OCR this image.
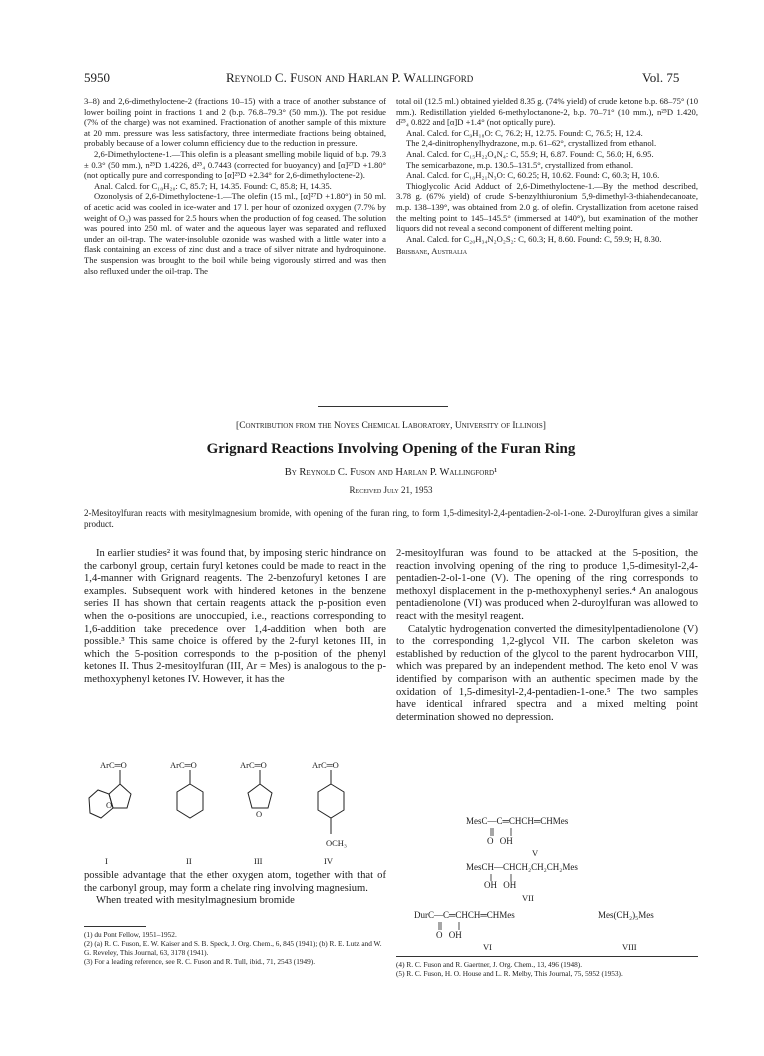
5950	Reynold C. Fuson and Harlan P. Wallingford	Vol. 75

3–8) and 2,6-dimethyloctene-2 (fractions 10–15) with a trace of another substance of lower boiling point in fractions 1 and 2 (b.p. 76.8–79.3° (50 mm.)). The pot residue (7% of the charge) was not examined. Fractionation of another sample of this mixture at 20 mm. pressure was less satisfactory, three intermediate fractions being obtained, probably because of a lower column efficiency due to the reduction in pressure.

2,6-Dimethyloctene-1.—This olefin is a pleasant smelling mobile liquid of b.p. 79.3 ± 0.3° (50 mm.), n²⁵D 1.4226, d²⁵₄ 0.7443 (corrected for buoyancy) and [α]²⁷D +1.80° (not optically pure and corresponding to [α]²⁵D +2.34° for 2,6-dimethyloctene-2).

Anal. Calcd. for C₁₀H₂₀: C, 85.7; H, 14.35. Found: C, 85.8; H, 14.35.

Ozonolysis of 2,6-Dimethyloctene-1.—The olefin (15 ml., [α]²⁷D +1.80°) in 50 ml. of acetic acid was cooled in ice-water and 17 l. per hour of ozonized oxygen (7.7% by weight of O₃) was passed for 2.5 hours when the production of fog ceased. The solution was poured into 250 ml. of water and the aqueous layer was separated and refluxed under an oil-trap. The water-insoluble ozonide was washed with a little water into a flask containing an excess of zinc dust and a trace of silver nitrate and hydroquinone. The suspension was brought to the boil while being vigorously stirred and was then also refluxed under the oil-trap. The

total oil (12.5 ml.) obtained yielded 8.35 g. (74% yield) of crude ketone b.p. 68–75° (10 mm.). Redistillation yielded 6-methyloctanone-2, b.p. 70–71° (10 mm.), n²⁵D 1.420, d²⁵₄ 0.822 and [α]D +1.4° (not optically pure).

Anal. Calcd. for C₉H₁₈O: C, 76.2; H, 12.75. Found: C, 76.5; H, 12.4.

The 2,4-dinitrophenylhydrazone, m.p. 61–62°, crystallized from ethanol.

Anal. Calcd. for C₁₅H₂₂O₄N₄: C, 55.9; H, 6.87. Found: C, 56.0; H, 6.95.

The semicarbazone, m.p. 130.5–131.5°, crystallized from ethanol.

Anal. Calcd. for C₁₀H₂₁N₃O: C, 60.25; H, 10.62. Found: C, 60.3; H, 10.6.

Thioglycolic Acid Adduct of 2,6-Dimethyloctene-1.—By the method described, 3.78 g. (67% yield) of crude S-benzylthiuronium 5,9-dimethyl-3-thiahendecanoate, m.p. 138–139°, was obtained from 2.0 g. of olefin. Crystallization from acetone raised the melting point to 145–145.5° (immersed at 140°), but examination of the mother liquors did not reveal a second component of different melting point.

Anal. Calcd. for C₂₀H₃₄N₂O₂S₂: C, 60.3; H, 8.60. Found: C, 59.9; H, 8.30.

Brisbane, Australia

[Contribution from the Noyes Chemical Laboratory, University of Illinois]
Grignard Reactions Involving Opening of the Furan Ring
By Reynold C. Fuson and Harlan P. Wallingford¹
Received July 21, 1953
2-Mesitoylfuran reacts with mesitylmagnesium bromide, with opening of the furan ring, to form 1,5-dimesityl-2,4-pentadien-2-ol-1-one. 2-Duroylfuran gives a similar product.

In earlier studies² it was found that, by imposing steric hindrance on the carbonyl group, certain furyl ketones could be made to react in the 1,4-manner with Grignard reagents. The 2-benzofuryl ketones I are examples. Subsequent work with hindered ketones in the benzene series II has shown that certain reagents attack the p-position even when the o-positions are unoccupied, i.e., reactions corresponding to 1,6-addition take precedence over 1,4-addition when both are possible.³ This same choice is offered by the 2-furyl ketones III, in which the 5-position corresponds to the p-position of the phenyl ketones II. Thus 2-mesitoylfuran (III, Ar = Mes) is analogous to the p-methoxyphenyl ketones IV. However, it has the

O
O
ArC═O	ArC═O	ArC═O	ArC═O
OCH₃
I	II	III	IV

possible advantage that the ether oxygen atom, together with that of the carbonyl group, may form a chelate ring involving magnesium.

When treated with mesitylmagnesium bromide

(1) du Pont Fellow, 1951–1952.
(2) (a) R. C. Fuson, E. W. Kaiser and S. B. Speck, J. Org. Chem., 6, 845 (1941); (b) R. E. Lutz and W. G. Reveley, This Journal, 63, 3178 (1941).
(3) For a leading reference, see R. C. Fuson and R. Tull, ibid., 71, 2543 (1949).

2-mesitoylfuran was found to be attacked at the 5-position, the reaction involving opening of the ring to produce 1,5-dimesityl-2,4-pentadien-2-ol-1-one (V). The opening of the ring corresponds to methoxyl displacement in the p-methoxyphenyl series.⁴ An analogous pentadienolone (VI) was produced when 2-duroylfuran was allowed to react with the mesityl reagent.

Catalytic hydrogenation converted the dimesitylpentadienolone (V) to the corresponding 1,2-glycol VII. The carbon skeleton was established by reduction of the glycol to the parent hydrocarbon VIII, which was prepared by an independent method. The keto enol V was identified by comparison with an authentic specimen made by the oxidation of 1,5-dimesityl-2,4-pentadien-1-one.⁵ The two samples have identical infrared spectra and a mixed melting point determination showed no depression.

MesC—C═CHCH═CHMes
O OH
V
MesCH—CHCH₂CH₂CH₂Mes
OH OH
VII
DurC—C═CHCH═CHMes
O OH
VI
Mes(CH₂)₅Mes
VIII
(4) R. C. Fuson and R. Gaertner, J. Org. Chem., 13, 496 (1948).
(5) R. C. Fuson, H. O. House and L. R. Melby, This Journal, 75, 5952 (1953).
